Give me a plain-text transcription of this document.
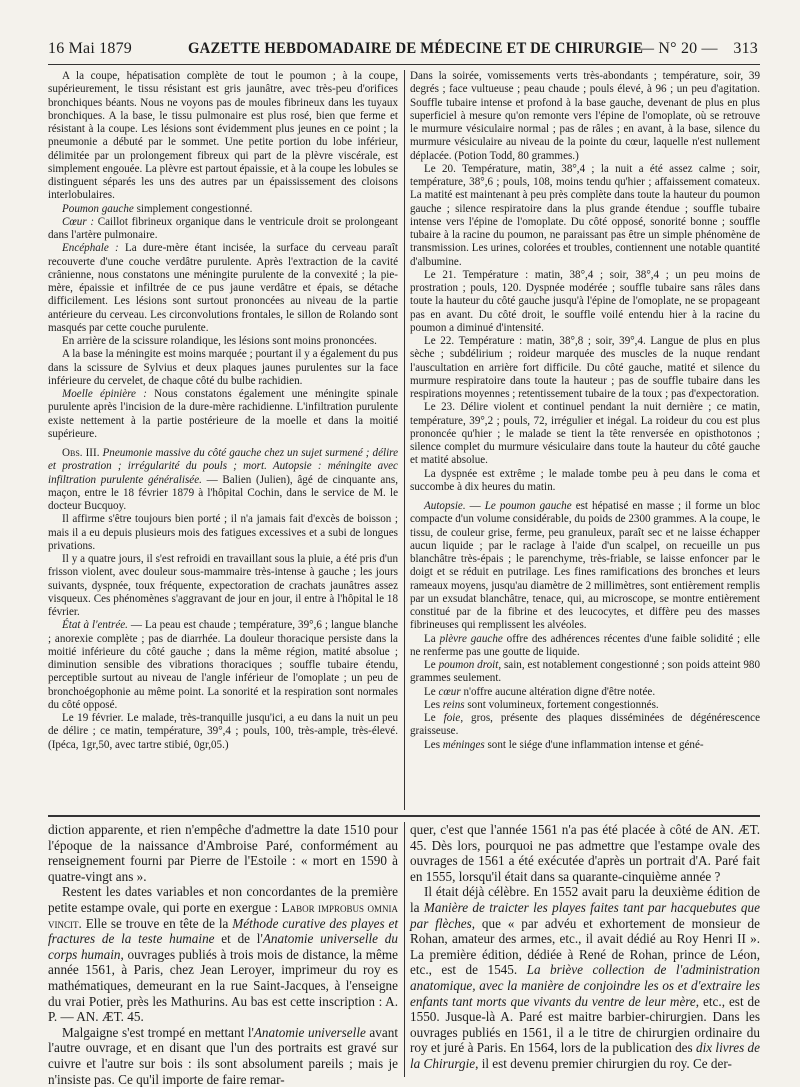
16 Mai 1879	GAZETTE HEBDOMADAIRE DE MÉDECINE ET DE CHIRURGIE
— N° 20 — 313

A la coupe, hépatisation complète de tout le poumon ; à la coupe, supérieurement, le tissu résistant est gris jaunâtre, avec très-peu d'orifices bronchiques béants. Nous ne voyons pas de moules fibrineux dans les tuyaux bronchiques. A la base, le tissu pulmonaire est plus rosé, bien que ferme et résistant à la coupe. Les lésions sont évidemment plus jeunes en ce point ; la pneumonie a débuté par le sommet. Une petite portion du lobe inférieur, délimitée par un prolongement fibreux qui part de la plèvre viscérale, est simplement engouée. La plèvre est partout épaissie, et à la coupe les lobules se distinguent séparés les uns des autres par un épaississement des cloisons interlobulaires.

Poumon gauche simplement congestionné.

Cœur : Caillot fibrineux organique dans le ventricule droit se prolongeant dans l'artère pulmonaire.

Encéphale : La dure-mère étant incisée, la surface du cerveau paraît recouverte d'une couche verdâtre purulente. Après l'extraction de la cavité crânienne, nous constatons une méningite purulente de la convexité ; la pie-mère, épaissie et infiltrée de ce pus jaune verdâtre et épais, se détache difficilement. Les lésions sont surtout prononcées au niveau de la partie antérieure du cerveau. Les circonvolutions frontales, le sillon de Rolando sont masqués par cette couche purulente.

En arrière de la scissure rolandique, les lésions sont moins prononcées.

A la base la méningite est moins marquée ; pourtant il y a également du pus dans la scissure de Sylvius et deux plaques jaunes purulentes sur la face inférieure du cervelet, de chaque côté du bulbe rachidien.

Moelle épinière : Nous constatons également une méningite spinale purulente après l'incision de la dure-mère rachidienne. L'infiltration purulente existe nettement à la partie postérieure de la moelle et dans la moitié supérieure.

Obs. III. Pneumonie massive du côté gauche chez un sujet surmené ; délire et prostration ; irrégularité du pouls ; mort. Autopsie : méningite avec infiltration purulente généralisée. — Balien (Julien), âgé de cinquante ans, maçon, entre le 18 février 1879 à l'hôpital Cochin, dans le service de M. le docteur Bucquoy.

Il affirme s'être toujours bien porté ; il n'a jamais fait d'excès de boisson ; mais il a eu depuis plusieurs mois des fatigues excessives et a subi de longues privations.

Il y a quatre jours, il s'est refroidi en travaillant sous la pluie, a été pris d'un frisson violent, avec douleur sous-mammaire très-intense à gauche ; les jours suivants, dyspnée, toux fréquente, expectoration de crachats jaunâtres assez visqueux. Ces phénomènes s'aggravant de jour en jour, il entre à l'hôpital le 18 février.

État à l'entrée. — La peau est chaude ; température, 39°,6 ; langue blanche ; anorexie complète ; pas de diarrhée. La douleur thoracique persiste dans la moitié inférieure du côté gauche ; dans la même région, matité absolue ; diminution sensible des vibrations thoraciques ; souffle tubaire étendu, perceptible surtout au niveau de l'angle inférieur de l'omoplate ; un peu de bronchoégophonie au même point. La sonorité et la respiration sont normales du côté opposé.

Le 19 février. Le malade, très-tranquille jusqu'ici, a eu dans la nuit un peu de délire ; ce matin, température, 39°,4 ; pouls, 100, très-ample, très-élevé. (Ipéca, 1gr,50, avec tartre stibié, 0gr,05.)

Dans la soirée, vomissements verts très-abondants ; température, soir, 39 degrés ; face vultueuse ; peau chaude ; pouls élevé, à 96 ; un peu d'agitation. Souffle tubaire intense et profond à la base gauche, devenant de plus en plus superficiel à mesure qu'on remonte vers l'épine de l'omoplate, où se retrouve le murmure vésiculaire normal ; pas de râles ; en avant, à la base, silence du murmure vésiculaire au niveau de la pointe du cœur, laquelle n'est nullement déplacée. (Potion Todd, 80 grammes.)

Le 20. Température, matin, 38°,4 ; la nuit a été assez calme ; soir, température, 38°,6 ; pouls, 108, moins tendu qu'hier ; affaissement comateux. La matité est maintenant à peu près complète dans toute la hauteur du poumon gauche ; silence respiratoire dans la plus grande étendue ; souffle tubaire intense vers l'épine de l'omoplate. Du côté opposé, sonorité bonne ; souffle tubaire à la racine du poumon, ne paraissant pas être un simple phénomène de transmission. Les urines, colorées et troubles, contiennent une notable quantité d'albumine.

Le 21. Température : matin, 38°,4 ; soir, 38°,4 ; un peu moins de prostration ; pouls, 120. Dyspnée modérée ; souffle tubaire sans râles dans toute la hauteur du côté gauche jusqu'à l'épine de l'omoplate, ne se propageant pas en avant. Du côté droit, le souffle voilé entendu hier à la racine du poumon a diminué d'intensité.

Le 22. Température : matin, 38°,8 ; soir, 39°,4. Langue de plus en plus sèche ; subdélirium ; roideur marquée des muscles de la nuque rendant l'auscultation en arrière fort difficile. Du côté gauche, matité et silence du murmure respiratoire dans toute la hauteur ; pas de souffle tubaire dans les respirations moyennes ; retentissement tubaire de la toux ; pas d'expectoration.

Le 23. Délire violent et continuel pendant la nuit dernière ; ce matin, température, 39°,2 ; pouls, 72, irrégulier et inégal. La roideur du cou est plus prononcée qu'hier ; le malade se tient la tête renversée en opisthotonos ; silence complet du murmure vésiculaire dans toute la hauteur du côté gauche et matité absolue.

La dyspnée est extrême ; le malade tombe peu à peu dans le coma et succombe à dix heures du matin.

Autopsie. — Le poumon gauche est hépatisé en masse ; il forme un bloc compacte d'un volume considérable, du poids de 2300 grammes. A la coupe, le tissu, de couleur grise, ferme, peu granuleux, paraît sec et ne laisse échapper aucun liquide ; par le raclage à l'aide d'un scalpel, on recueille un pus blanchâtre très-épais ; le parenchyme, très-friable, se laisse enfoncer par le doigt et se réduit en putrilage. Les fines ramifications des bronches et leurs rameaux moyens, jusqu'au diamètre de 2 millimètres, sont entièrement remplis par un exsudat blanchâtre, tenace, qui, au microscope, se montre entièrement constitué par de la fibrine et des leucocytes, et diffère peu des masses fibrineuses qui remplissent les alvéoles.

La plèvre gauche offre des adhérences récentes d'une faible solidité ; elle ne renferme pas une goutte de liquide.

Le poumon droit, sain, est notablement congestionné ; son poids atteint 980 grammes seulement.

Le cœur n'offre aucune altération digne d'être notée.

Les reins sont volumineux, fortement congestionnés.

Le foie, gros, présente des plaques disséminées de dégénérescence graisseuse.

Les méninges sont le siége d'une inflammation intense et géné-

diction apparente, et rien n'empêche d'admettre la date 1510 pour l'époque de la naissance d'Ambroise Paré, conformément au renseignement fourni par Pierre de l'Estoile : « mort en 1590 à quatre-vingt ans ».

Restent les dates variables et non concordantes de la première petite estampe ovale, qui porte en exergue : Labor improbus omnia vincit. Elle se trouve en tête de la Méthode curative des playes et fractures de la teste humaine et de l'Anatomie universelle du corps humain, ouvrages publiés à trois mois de distance, la même année 1561, à Paris, chez Jean Leroyer, imprimeur du roy es mathématiques, demeurant en la rue Saint-Jacques, à l'enseigne du vrai Potier, près les Mathurins. Au bas est cette inscription : A. P. — AN. ÆT. 45.

Malgaigne s'est trompé en mettant l'Anatomie universelle avant l'autre ouvrage, et en disant que l'un des portraits est gravé sur cuivre et l'autre sur bois : ils sont absolument pareils ; mais je n'insiste pas. Ce qu'il importe de faire remar-

quer, c'est que l'année 1561 n'a pas été placée à côté de AN. ÆT. 45. Dès lors, pourquoi ne pas admettre que l'estampe ovale des ouvrages de 1561 a été exécutée d'après un portrait d'A. Paré fait en 1555, lorsqu'il était dans sa quarante-cinquième année ?

Il était déjà célèbre. En 1552 avait paru la deuxième édition de la Manière de traicter les playes faites tant par hacquebutes que par flèches, que « par advéu et exhortement de monsieur de Rohan, amateur des armes, etc., il avait dédié au Roy Henri II ». La première édition, dédiée à René de Rohan, prince de Léon, etc., est de 1545. La briève collection de l'administration anatomique, avec la manière de conjoindre les os et d'extraire les enfants tant morts que vivants du ventre de leur mère, etc., est de 1550. Jusque-là A. Paré est maitre barbier-chirurgien. Dans les ouvrages publiés en 1561, il a le titre de chirurgien ordinaire du roy et juré à Paris. En 1564, lors de la publication des dix livres de la Chirurgie, il est devenu premier chirurgien du roy. Ce der-
